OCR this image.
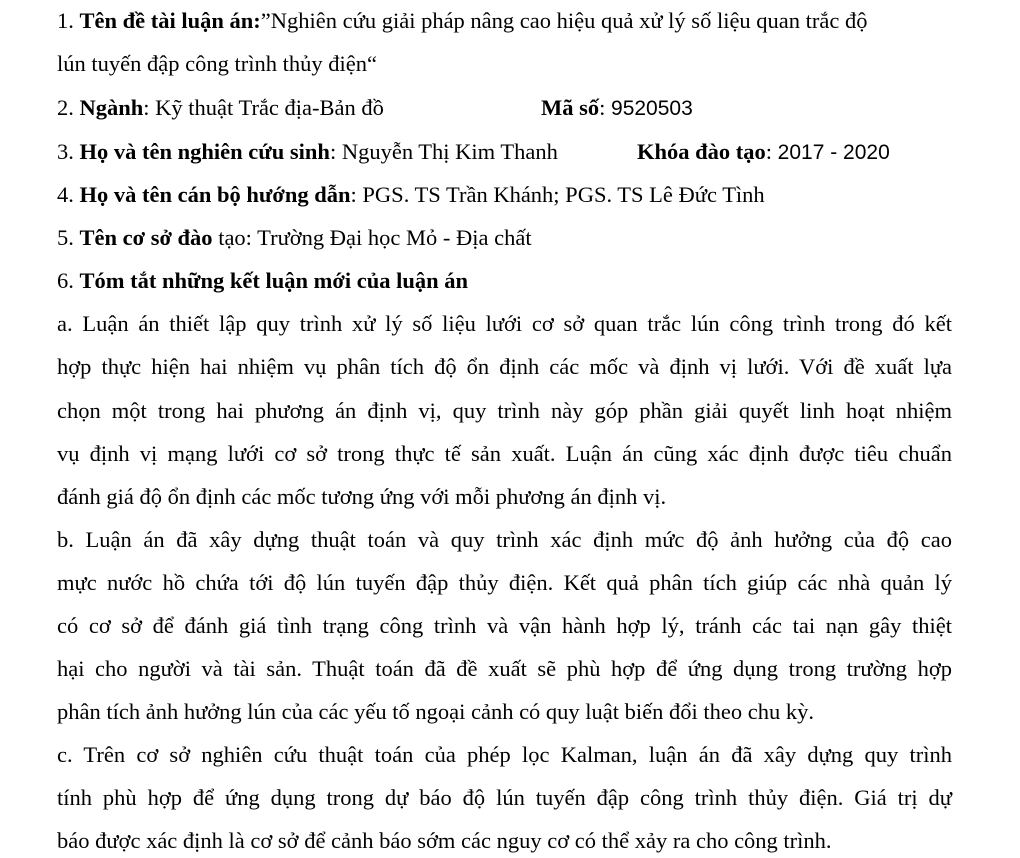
1. Tên đề tài luận án:”Nghiên cứu giải pháp nâng cao hiệu quả xử lý số liệu quan trắc độ
lún tuyến đập công trình thủy điện“
2. Ngành: Kỹ thuật Trắc địa-Bản đồ	Mã số: 9520503
3. Họ và tên nghiên cứu sinh: Nguyễn Thị Kim Thanh	Khóa đào tạo: 2017 - 2020
4. Họ và tên cán bộ hướng dẫn: PGS. TS Trần Khánh; PGS. TS Lê Đức Tình
5. Tên cơ sở đào tạo: Trường Đại học Mỏ - Địa chất
6. Tóm tắt những kết luận mới của luận án
a. Luận án thiết lập quy trình xử lý số liệu lưới cơ sở quan trắc lún công trình trong đó kết
hợp thực hiện hai nhiệm vụ phân tích độ ổn định các mốc và định vị lưới. Với đề xuất lựa
chọn một trong hai phương án định vị, quy trình này góp phần giải quyết linh hoạt nhiệm
vụ định vị mạng lưới cơ sở trong thực tế sản xuất. Luận án cũng xác định được tiêu chuẩn
đánh giá độ ổn định các mốc tương ứng với mỗi phương án định vị.
b. Luận án đã xây dựng thuật toán và quy trình xác định mức độ ảnh hưởng của độ cao
mực nước hồ chứa tới độ lún tuyến đập thủy điện. Kết quả phân tích giúp các nhà quản lý
có cơ sở để đánh giá tình trạng công trình và vận hành hợp lý, tránh các tai nạn gây thiệt
hại cho người và tài sản. Thuật toán đã đề xuất sẽ phù hợp để ứng dụng trong trường hợp
phân tích ảnh hưởng lún của các yếu tố ngoại cảnh có quy luật biến đổi theo chu kỳ.
c. Trên cơ sở nghiên cứu thuật toán của phép lọc Kalman, luận án đã xây dựng quy trình
tính phù hợp để ứng dụng trong dự báo độ lún tuyến đập công trình thủy điện. Giá trị dự
báo được xác định là cơ sở để cảnh báo sớm các nguy cơ có thể xảy ra cho công trình.
